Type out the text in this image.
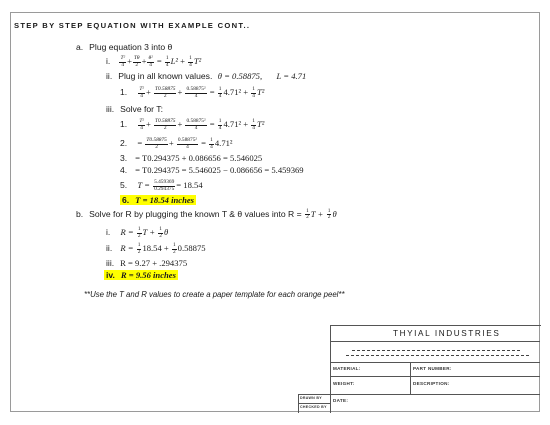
STEP BY STEP EQUATION WITH EXAMPLE CONT..
a. Plug equation 3 into θ
i. $\frac{\text{T²}}{4} + \frac{T\theta}{2} + \frac{\text{θ²}}{4} = \frac{1}{4} L^2 + \frac{1}{4} T^2$
ii. Plug in all known values. θ = 0.58875, L = 4.71
1. $\frac{\text{T²}}{4} + \frac{T0.58875}{2} + \frac{\text{0.58875²}}{4} = \frac{1}{4} 4.71^2 + \frac{1}{4} T^2$
iii. Solve for T:
1. $\frac{\text{T²}}{4} + \frac{T0.58875}{2} + \frac{\text{0.58875²}}{4} = \frac{1}{4} 4.71^2 + \frac{1}{4} T^2$
2. = $\frac{T0.58875}{2} + \frac{\text{0.58875²}}{4} = \frac{1}{4} 4.71^2$
3. = T0.294375 + 0.086656 = 5.546025
4. = T0.294375 = 5.546025 − 0.086656 = 5.459369
5. $T = \frac{5.459369}{0.294375} = 18.54$
6. T = 18.54 inches
b. Solve for R by plugging the known T & θ values into $R = \frac{1}{2}$ $T + \frac{1}{2}$ θ
i. $R = \frac{1}{2}$ $T + \frac{1}{2}$ θ
ii. $R = \frac{1}{2} 18.54 + \frac{1}{2} 0.58875$
iii. R = 9.27 + .294375
iv. R = 9.56 inches
**Use the T and R values to create a paper template for each orange peel**
THYIAL INDUSTRIES
MATERIAL:	PART NUMBER:
WEIGHT:	DESCRIPTION:
DATE:
DRAWN BY
CHECKED BY
